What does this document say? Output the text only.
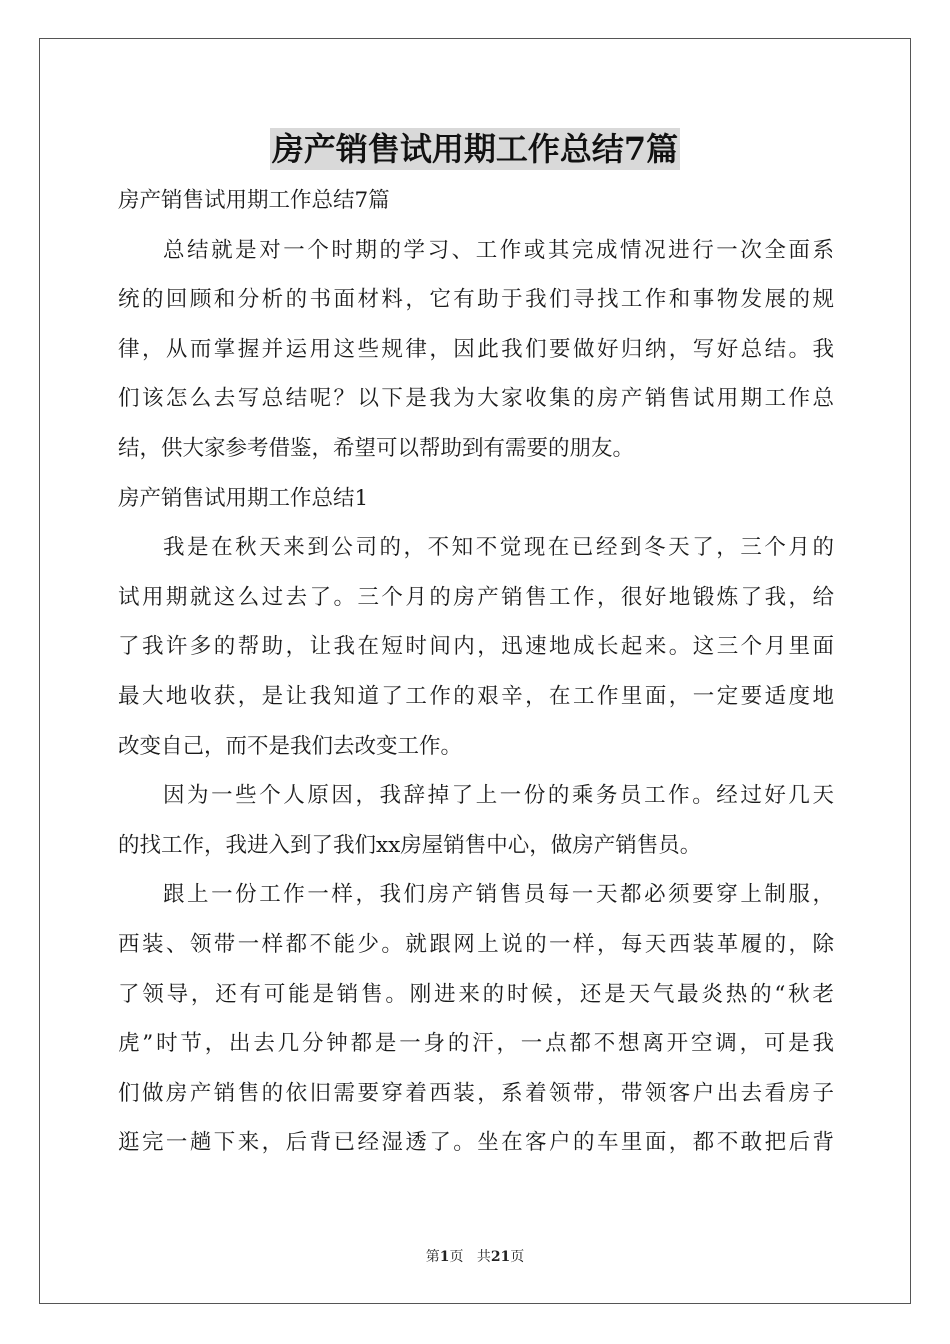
房产销售试用期工作总结7篇
房产销售试用期工作总结7篇
总结就是对一个时期的学习、工作或其完成情况进行一次全面系
统的回顾和分析的书面材料，它有助于我们寻找工作和事物发展的规
律，从而掌握并运用这些规律，因此我们要做好归纳，写好总结。我
们该怎么去写总结呢？以下是我为大家收集的房产销售试用期工作总
结，供大家参考借鉴，希望可以帮助到有需要的朋友。
房产销售试用期工作总结1
我是在秋天来到公司的，不知不觉现在已经到冬天了，三个月的
试用期就这么过去了。三个月的房产销售工作，很好地锻炼了我，给
了我许多的帮助，让我在短时间内，迅速地成长起来。这三个月里面
最大地收获，是让我知道了工作的艰辛，在工作里面，一定要适度地
改变自己，而不是我们去改变工作。
因为一些个人原因，我辞掉了上一份的乘务员工作。经过好几天
的找工作，我进入到了我们xx房屋销售中心，做房产销售员。
跟上一份工作一样，我们房产销售员每一天都必须要穿上制服，
西装、领带一样都不能少。就跟网上说的一样，每天西装革履的，除
了领导，还有可能是销售。刚进来的时候，还是天气最炎热的“秋老
虎”时节，出去几分钟都是一身的汗，一点都不想离开空调，可是我
们做房产销售的依旧需要穿着西装，系着领带，带领客户出去看房子
逛完一趟下来，后背已经湿透了。坐在客户的车里面，都不敢把后背
第1页 共21页
